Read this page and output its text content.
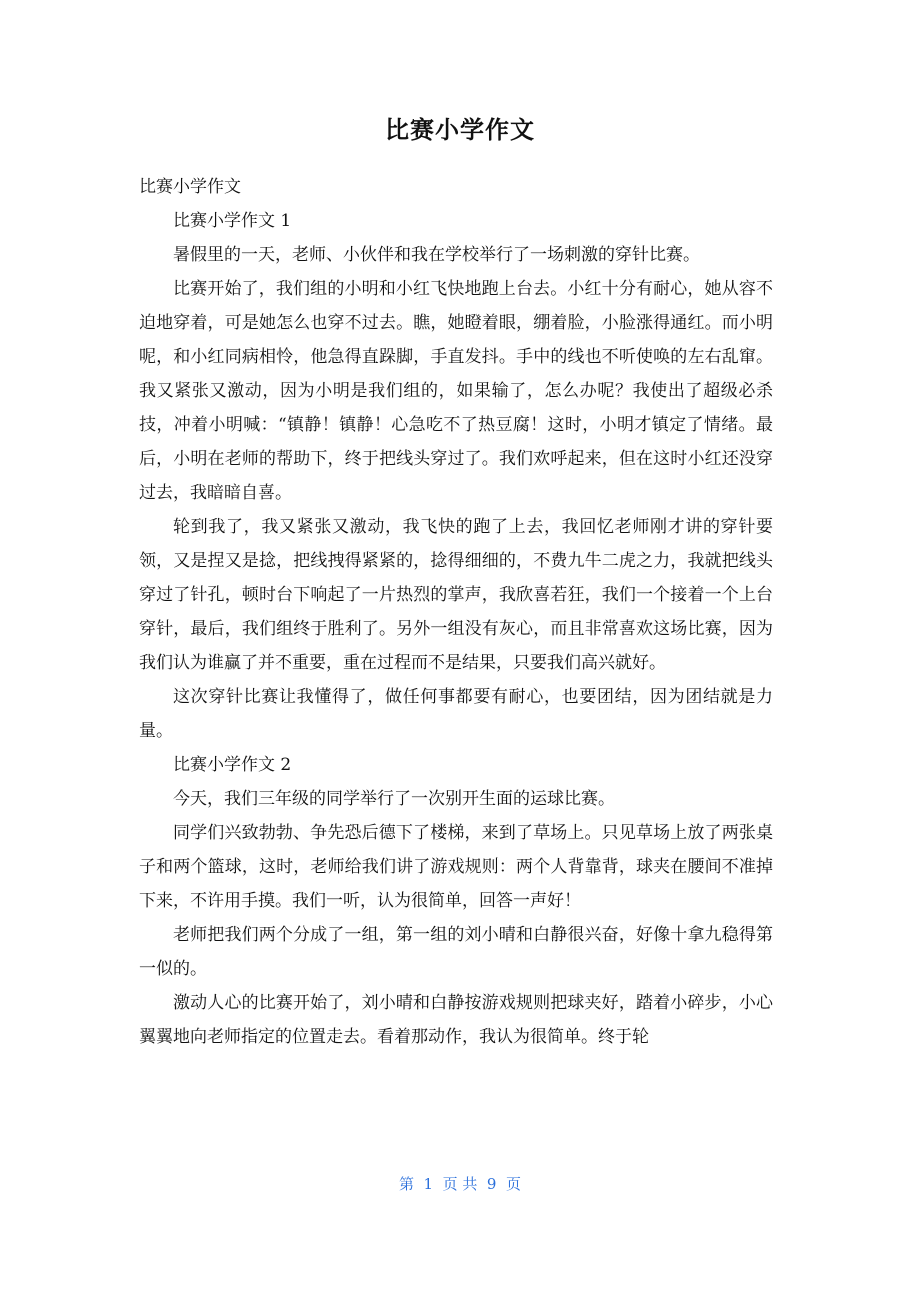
比赛小学作文

比赛小学作文

比赛小学作文 1

暑假里的一天，老师、小伙伴和我在学校举行了一场刺激的穿针比赛。

比赛开始了，我们组的小明和小红飞快地跑上台去。小红十分有耐心，她从容不迫地穿着，可是她怎么也穿不过去。瞧，她瞪着眼，绷着脸，小脸涨得通红。而小明呢，和小红同病相怜，他急得直跺脚，手直发抖。手中的线也不听使唤的左右乱窜。我又紧张又激动，因为小明是我们组的，如果输了，怎么办呢？我使出了超级必杀技，冲着小明喊：“镇静！镇静！心急吃不了热豆腐！这时，小明才镇定了情绪。最后，小明在老师的帮助下，终于把线头穿过了。我们欢呼起来，但在这时小红还没穿过去，我暗暗自喜。

轮到我了，我又紧张又激动，我飞快的跑了上去，我回忆老师刚才讲的穿针要领，又是捏又是捻，把线拽得紧紧的，捻得细细的，不费九牛二虎之力，我就把线头穿过了针孔，顿时台下响起了一片热烈的掌声，我欣喜若狂，我们一个接着一个上台穿针，最后，我们组终于胜利了。另外一组没有灰心，而且非常喜欢这场比赛，因为我们认为谁赢了并不重要，重在过程而不是结果，只要我们高兴就好。

这次穿针比赛让我懂得了，做任何事都要有耐心，也要团结，因为团结就是力量。

比赛小学作文 2

今天，我们三年级的同学举行了一次别开生面的运球比赛。

同学们兴致勃勃、争先恐后德下了楼梯，来到了草场上。只见草场上放了两张桌子和两个篮球，这时，老师给我们讲了游戏规则：两个人背靠背，球夹在腰间不准掉下来，不许用手摸。我们一听，认为很简单，回答一声好！

老师把我们两个分成了一组，第一组的刘小晴和白静很兴奋，好像十拿九稳得第一似的。

激动人心的比赛开始了，刘小晴和白静按游戏规则把球夹好，踏着小碎步，小心翼翼地向老师指定的位置走去。看着那动作，我认为很简单。终于轮

第  1  页 共  9  页
